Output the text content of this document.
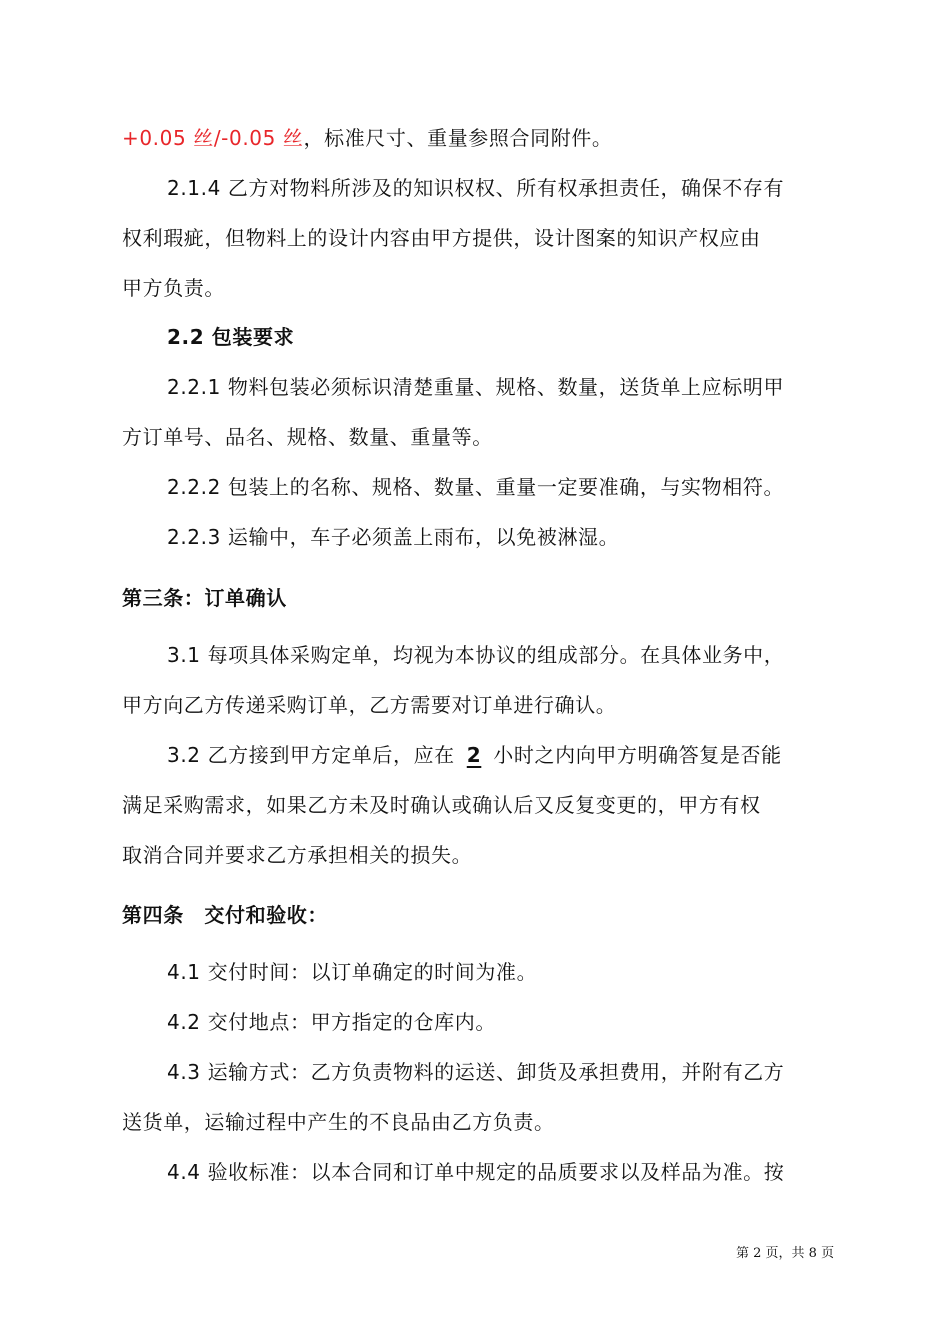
+0.05 丝/-0.05 丝，标准尺寸、重量参照合同附件。
2.1.4 乙方对物料所涉及的知识权权、所有权承担责任，确保不存有
权利瑕疵，但物料上的设计内容由甲方提供，设计图案的知识产权应由
甲方负责。
2.2 包装要求
2.2.1 物料包装必须标识清楚重量、规格、数量，送货单上应标明甲
方订单号、品名、规格、数量、重量等。
2.2.2 包装上的名称、规格、数量、重量一定要准确，与实物相符。
2.2.3 运输中，车子必须盖上雨布，以免被淋湿。
第三条：订单确认
3.1 每项具体采购定单，均视为本协议的组成部分。在具体业务中，
甲方向乙方传递采购订单，乙方需要对订单进行确认。
3.2 乙方接到甲方定单后，应在 2 小时之内向甲方明确答复是否能
满足采购需求，如果乙方未及时确认或确认后又反复变更的，甲方有权
取消合同并要求乙方承担相关的损失。
第四条　交付和验收：
4.1 交付时间：以订单确定的时间为准。
4.2 交付地点：甲方指定的仓库内。
4.3 运输方式：乙方负责物料的运送、卸货及承担费用，并附有乙方
送货单，运输过程中产生的不良品由乙方负责。
4.4 验收标准：以本合同和订单中规定的品质要求以及样品为准。按
第 2 页，共 8 页
